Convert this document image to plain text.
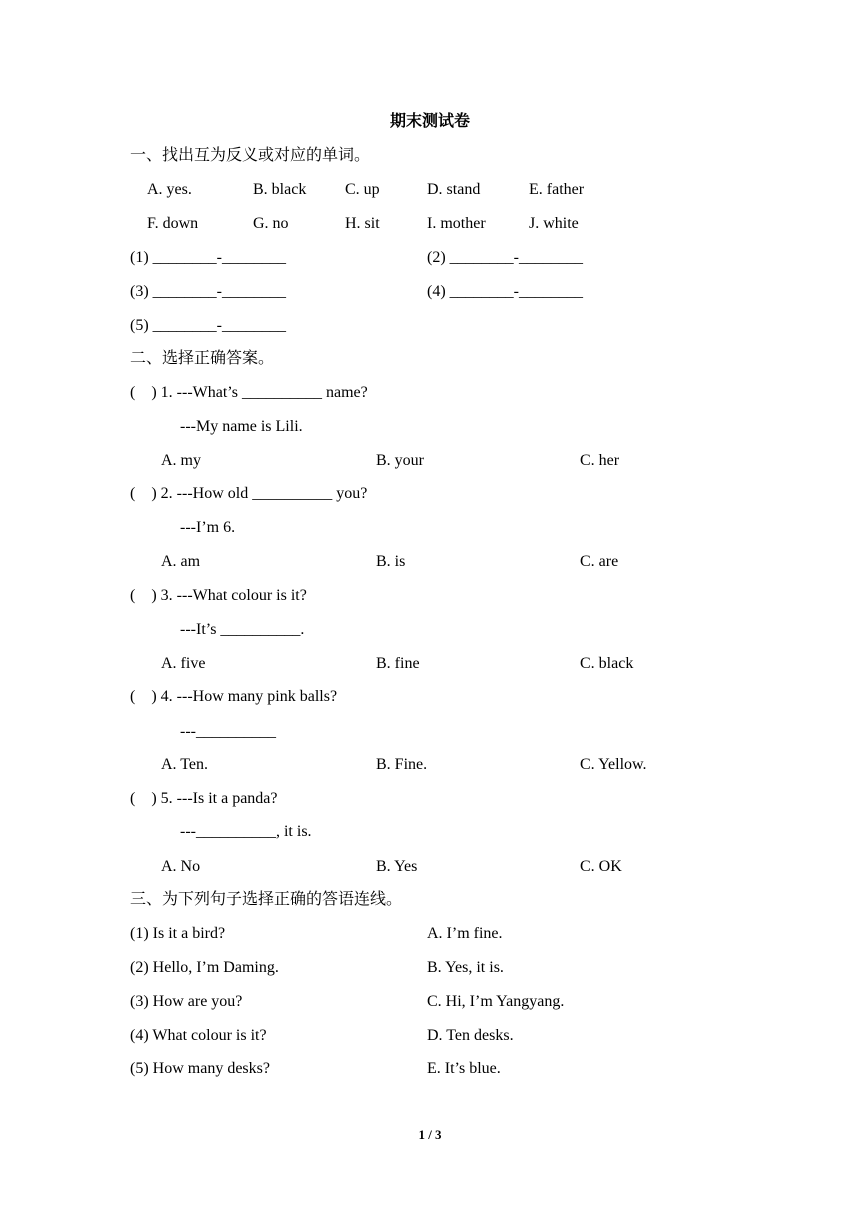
期末测试卷
一、找出互为反义或对应的单词。
A. yes.	B. black C. up	D. stand	E. father
F. down	G. no	H. sit	I. mother	J. white
(1) ________-________	(2) ________-________
(3) ________-________	(4) ________-________
(5) ________-________
二、选择正确答案。
(    ) 1. ---What’s __________ name?
---My name is Lili.
A. my	B. your	C. her
(    ) 2. ---How old __________ you?
---I’m 6.
A. am	B. is	C. are
(    ) 3. ---What colour is it?
---It’s __________.
A. five	B. fine	C. black
(    ) 4. ---How many pink balls?
---__________
A. Ten.	B. Fine.	C. Yellow.
(    ) 5. ---Is it a panda?
---__________, it is.
A. No	B. Yes	C. OK
三、为下列句子选择正确的答语连线。
(1) Is it a bird?	A. I’m fine.
(2) Hello, I’m Daming.	B. Yes, it is.
(3) How are you?	C. Hi, I’m Yangyang.
(4) What colour is it?	D. Ten desks.
(5) How many desks?	E. It’s blue.
1 / 3
